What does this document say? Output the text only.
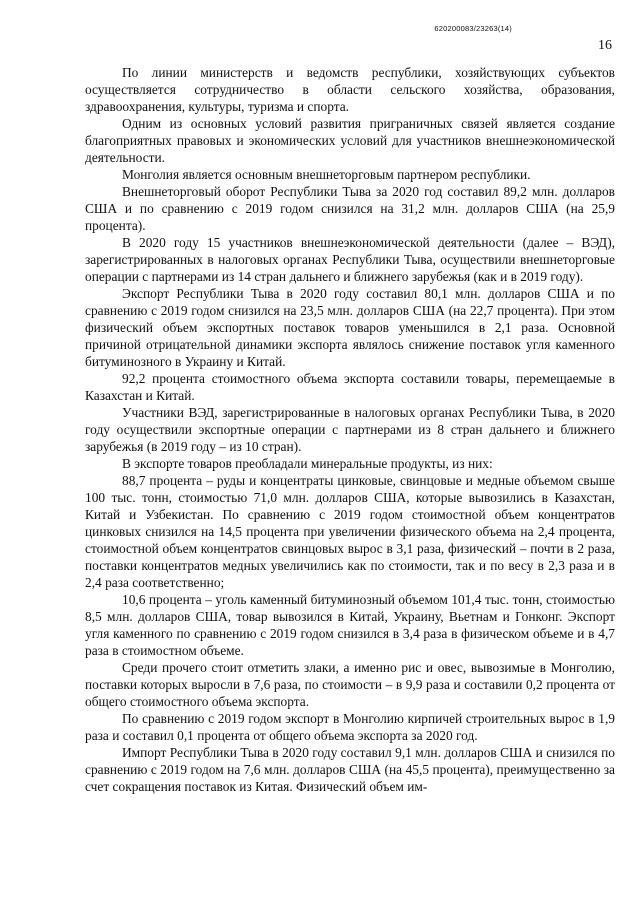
620200083/23263(14)
16

По линии министерств и ведомств республики, хозяйствующих субъектов осуществляется сотрудничество в области сельского хозяйства, образования, здравоохранения, культуры, туризма и спорта.

Одним из основных условий развития приграничных связей является создание благоприятных правовых и экономических условий для участников внешнеэкономической деятельности.

Монголия является основным внешнеторговым партнером республики.

Внешнеторговый оборот Республики Тыва за 2020 год составил 89,2 млн. долларов США и по сравнению с 2019 годом снизился на 31,2 млн. долларов США (на 25,9 процента).

В 2020 году 15 участников внешнеэкономической деятельности (далее – ВЭД), зарегистрированных в налоговых органах Республики Тыва, осуществили внешнеторговые операции с партнерами из 14 стран дальнего и ближнего зарубежья (как и в 2019 году).

Экспорт Республики Тыва в 2020 году составил 80,1 млн. долларов США и по сравнению с 2019 годом снизился на 23,5 млн. долларов США (на 22,7 процента). При этом физический объем экспортных поставок товаров уменьшился в 2,1 раза. Основной причиной отрицательной динамики экспорта являлось снижение поставок угля каменного битуминозного в Украину и Китай.

92,2 процента стоимостного объема экспорта составили товары, перемещаемые в Казахстан и Китай.

Участники ВЭД, зарегистрированные в налоговых органах Республики Тыва, в 2020 году осуществили экспортные операции с партнерами из 8 стран дальнего и ближнего зарубежья (в 2019 году – из 10 стран).

В экспорте товаров преобладали минеральные продукты, из них:

88,7 процента – руды и концентраты цинковые, свинцовые и медные объемом свыше 100 тыс. тонн, стоимостью 71,0 млн. долларов США, которые вывозились в Казахстан, Китай и Узбекистан. По сравнению с 2019 годом стоимостной объем концентратов цинковых снизился на 14,5 процента при увеличении физического объема на 2,4 процента, стоимостной объем концентратов свинцовых вырос в 3,1 раза, физический – почти в 2 раза, поставки концентратов медных увеличились как по стоимости, так и по весу в 2,3 раза и в 2,4 раза соответственно;

10,6 процента – уголь каменный битуминозный объемом 101,4 тыс. тонн, стоимостью 8,5 млн. долларов США, товар вывозился в Китай, Украину, Вьетнам и Гонконг. Экспорт угля каменного по сравнению с 2019 годом снизился в 3,4 раза в физическом объеме и в 4,7 раза в стоимостном объеме.

Среди прочего стоит отметить злаки, а именно рис и овес, вывозимые в Монголию, поставки которых выросли в 7,6 раза, по стоимости – в 9,9 раза и составили 0,2 процента от общего стоимостного объема экспорта.

По сравнению с 2019 годом экспорт в Монголию кирпичей строительных вырос в 1,9 раза и составил 0,1 процента от общего объема экспорта за 2020 год.

Импорт Республики Тыва в 2020 году составил 9,1 млн. долларов США и снизился по сравнению с 2019 годом на 7,6 млн. долларов США (на 45,5 процента), преимущественно за счет сокращения поставок из Китая. Физический объем им-
